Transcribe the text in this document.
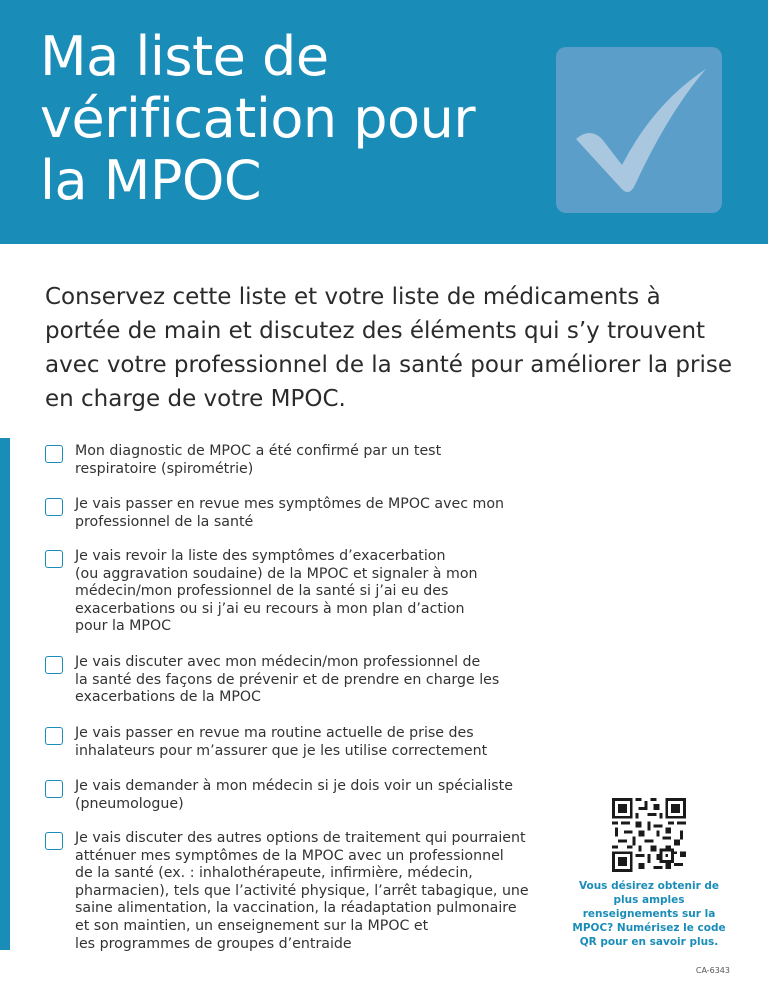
Ma liste de vérification pour la MPOC

Conservez cette liste et votre liste de médicaments à portée de main et discutez des éléments qui s’y trouvent avec votre professionnel de la santé pour améliorer la prise en charge de votre MPOC.

Mon diagnostic de MPOC a été confirmé par un test
respiratoire (spirométrie)
Je vais passer en revue mes symptômes de MPOC avec mon
professionnel de la santé
Je vais revoir la liste des symptômes d’exacerbation
(ou aggravation soudaine) de la MPOC et signaler à mon
médecin/mon professionnel de la santé si j’ai eu des
exacerbations ou si j’ai eu recours à mon plan d’action
pour la MPOC
Je vais discuter avec mon médecin/mon professionnel de
la santé des façons de prévenir et de prendre en charge les
exacerbations de la MPOC
Je vais passer en revue ma routine actuelle de prise des
inhalateurs pour m’assurer que je les utilise correctement
Je vais demander à mon médecin si je dois voir un spécialiste
(pneumologue)
Je vais discuter des autres options de traitement qui pourraient
atténuer mes symptômes de la MPOC avec un professionnel
de la santé (ex. : inhalothérapeute, infirmière, médecin,
pharmacien), tels que l’activité physique, l’arrêt tabagique, une
saine alimentation, la vaccination, la réadaptation pulmonaire
et son maintien, un enseignement sur la MPOC et
les programmes de groupes d’entraide

Vous désirez obtenir de plus amples renseignements sur la MPOC? Numérisez le code QR pour en savoir plus.

CA-6343
